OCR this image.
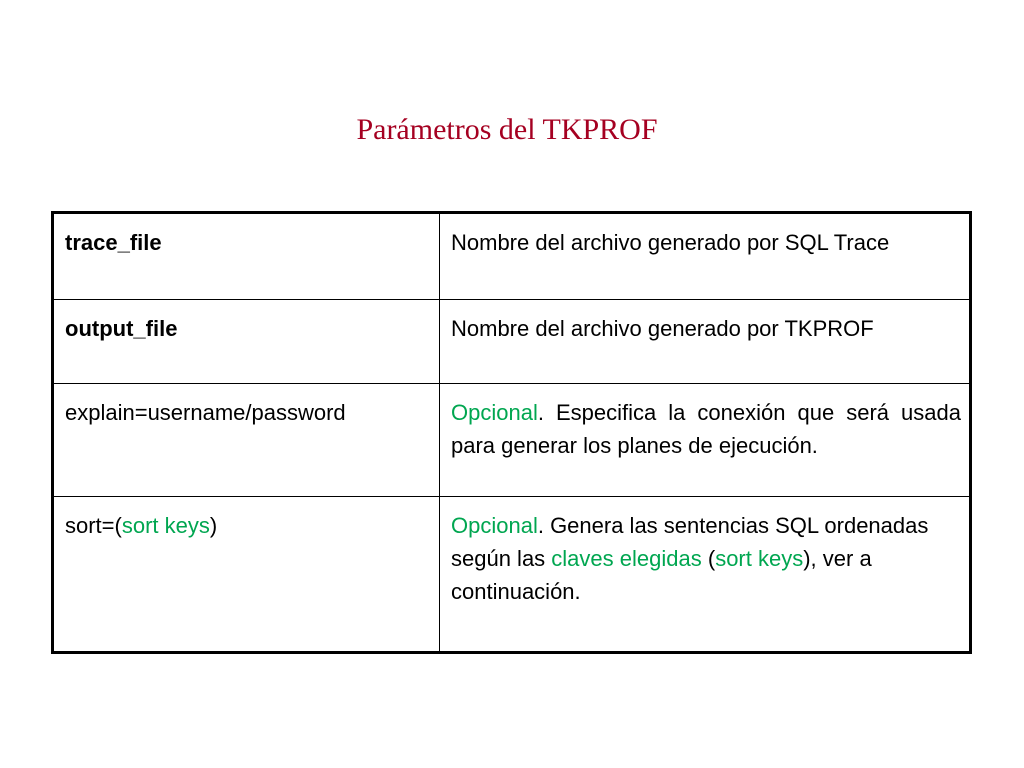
Parámetros del TKPROF
trace_file	Nombre del archivo generado por SQL Trace
output_file	Nombre del archivo generado por TKPROF
explain=username/password	Opcional. Especifica la conexión que será usada para generar los planes de ejecución.
sort=(sort keys)	Opcional. Genera las sentencias SQL ordenadas según las claves elegidas (sort keys), ver a continuación.
